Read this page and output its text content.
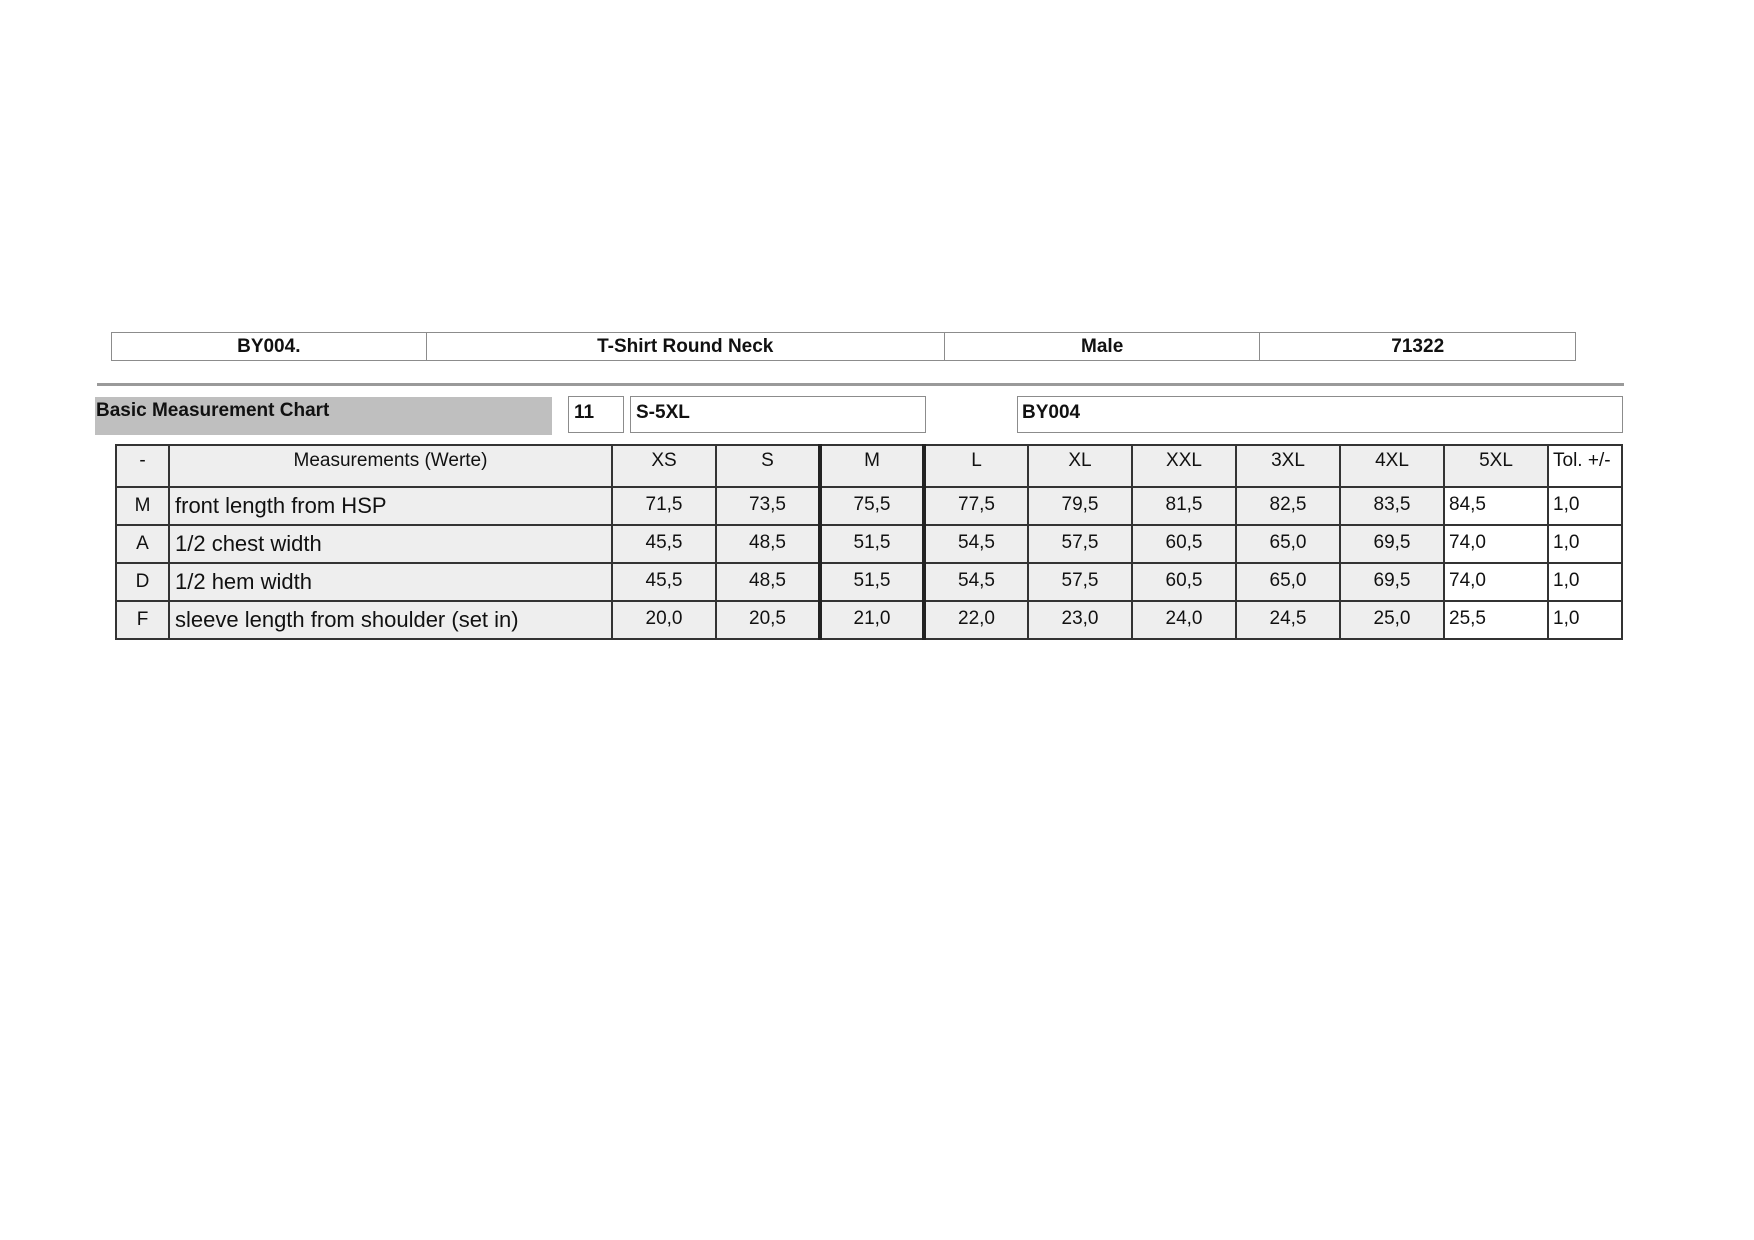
BY004.	T-Shirt Round Neck	Male	71322
Basic Measurement Chart	11	S-5XL	BY004
-	Measurements (Werte)	XS	S	M	L	XL	XXL	3XL	4XL	5XL	Tol. +/-
M	front length from HSP	71,5	73,5	75,5	77,5	79,5	81,5	82,5	83,5	84,5	1,0
A	1/2 chest width	45,5	48,5	51,5	54,5	57,5	60,5	65,0	69,5	74,0	1,0
D	1/2 hem width	45,5	48,5	51,5	54,5	57,5	60,5	65,0	69,5	74,0	1,0
F	sleeve length from shoulder (set in)	20,0	20,5	21,0	22,0	23,0	24,0	24,5	25,0	25,5	1,0
